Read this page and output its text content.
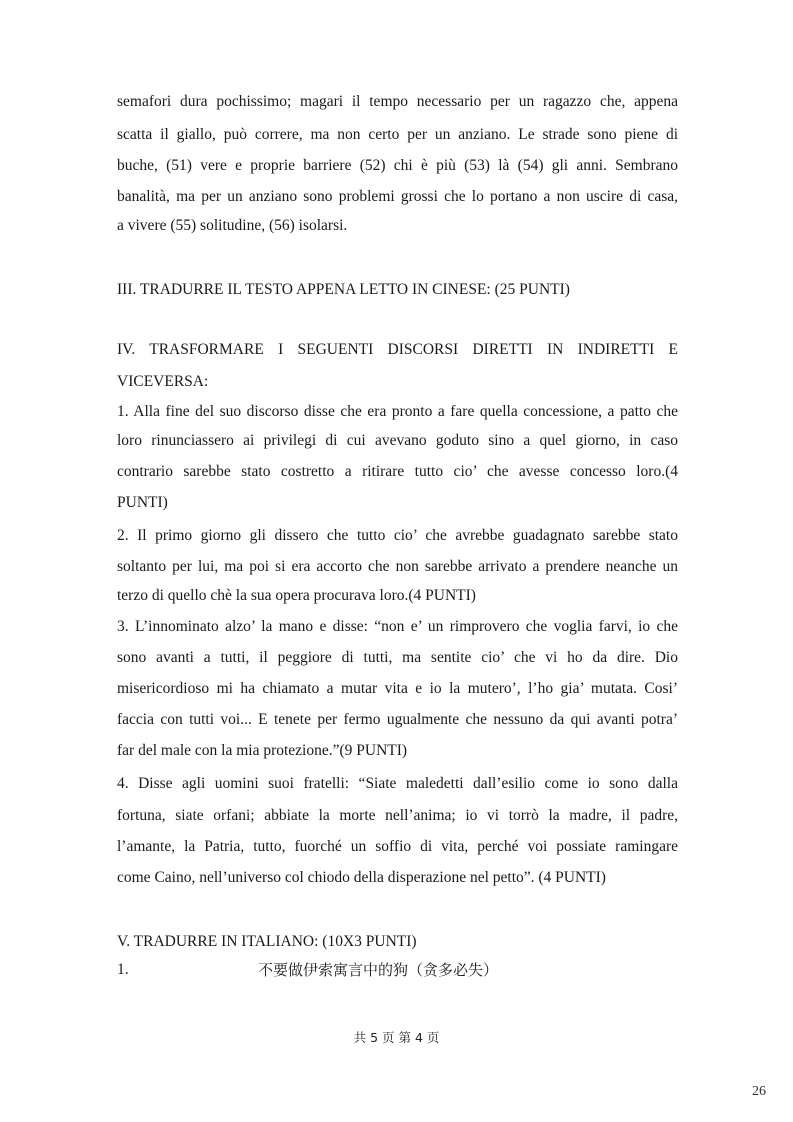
semafori dura pochissimo; magari il tempo necessario per un ragazzo che, appena
scatta il giallo, può correre, ma non certo per un anziano. Le strade sono piene di
buche, (51) vere e proprie barriere (52) chi è più (53) là (54) gli anni. Sembrano
banalità, ma per un anziano sono problemi grossi che lo portano a non uscire di casa,
a vivere (55) solitudine, (56) isolarsi.
III. TRADURRE IL TESTO APPENA LETTO IN CINESE: (25 PUNTI)
IV. TRASFORMARE I SEGUENTI DISCORSI DIRETTI IN INDIRETTI E
VICEVERSA:
1. Alla fine del suo discorso disse che era pronto a fare quella concessione, a patto che
loro rinunciassero ai privilegi di cui avevano goduto sino a quel giorno, in caso
contrario sarebbe stato costretto a ritirare tutto cio’ che avesse concesso loro.(4
PUNTI)
2. Il primo giorno gli dissero che tutto cio’ che avrebbe guadagnato sarebbe stato
soltanto per lui, ma poi si era accorto che non sarebbe arrivato a prendere neanche un
terzo di quello chè la sua opera procurava loro.(4 PUNTI)
3. L’innominato alzo’ la mano e disse: “non e’ un rimprovero che voglia farvi, io che
sono avanti a tutti, il peggiore di tutti, ma sentite cio’ che vi ho da dire. Dio
misericordioso mi ha chiamato a mutar vita e io la mutero’, l’ho gia’ mutata. Cosi’
faccia con tutti voi... E tenete per fermo ugualmente che nessuno da qui avanti potra’
far del male con la mia protezione.”(9 PUNTI)
4. Disse agli uomini suoi fratelli: “Siate maledetti dall’esilio come io sono dalla
fortuna, siate orfani; abbiate la morte nell’anima; io vi torrò la madre, il padre,
l’amante, la Patria, tutto, fuorché un soffio di vita, perché voi possiate ramingare
come Caino, nell’universo col chiodo della disperazione nel petto”. (4 PUNTI)
V. TRADURRE IN ITALIANO: (10X3 PUNTI)
1.	不要做伊索寓言中的狗（贪多必失）
共 5 页 第 4 页
26
